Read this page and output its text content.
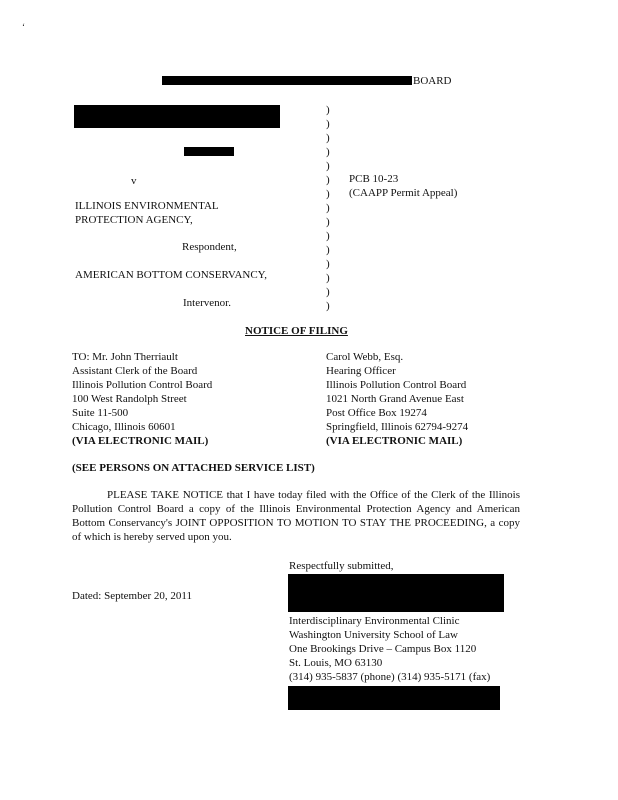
‘
BOARD
v
ILLINOIS ENVIRONMENTAL
PROTECTION AGENCY,
Respondent,
AMERICAN BOTTOM CONSERVANCY,
Intervenor.
)
)
)
)
)
)
)
)
)
)
)
)
)
)
)
PCB 10-23
(CAAPP Permit Appeal)
NOTICE OF FILING
TO: Mr. John Therriault
Assistant Clerk of the Board
Illinois Pollution Control Board
100 West Randolph Street
Suite 11-500
Chicago, Illinois 60601
(VIA ELECTRONIC MAIL)
Carol Webb, Esq.
Hearing Officer
Illinois Pollution Control Board
1021 North Grand Avenue East
Post Office Box 19274
Springfield, Illinois 62794-9274
(VIA ELECTRONIC MAIL)
(SEE PERSONS ON ATTACHED SERVICE LIST)
PLEASE TAKE NOTICE that I have today filed with the Office of the Clerk of the Illinois Pollution Control Board a copy of the Illinois Environmental Protection Agency and American Bottom Conservancy's JOINT OPPOSITION TO MOTION TO STAY THE PROCEEDING, a copy of which is hereby served upon you.
Respectfully submitted,
Dated: September 20, 2011
Interdisciplinary Environmental Clinic
Washington University School of Law
One Brookings Drive – Campus Box 1120
St. Louis, MO 63130
(314) 935-5837 (phone) (314) 935-5171 (fax)
